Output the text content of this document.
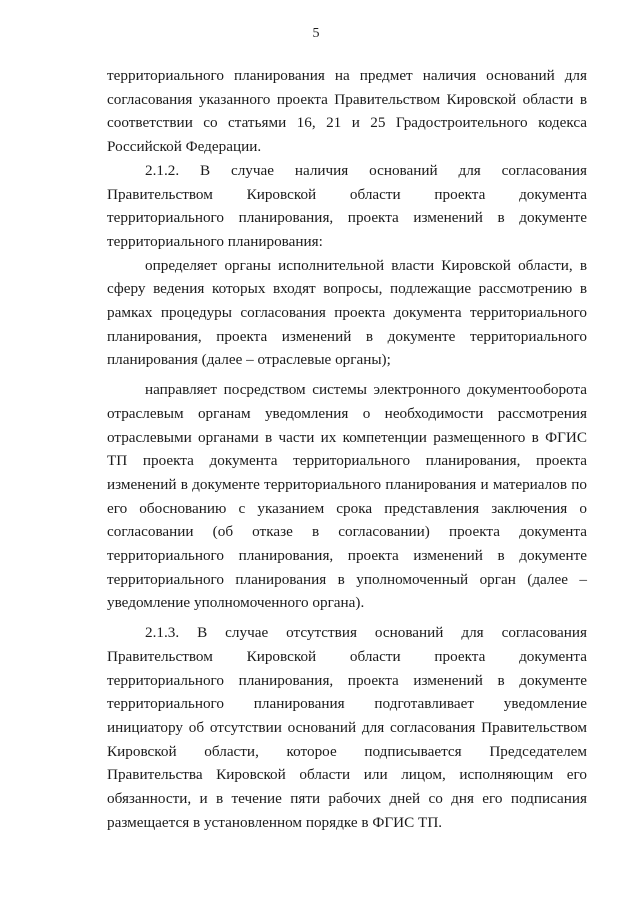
5

территориального планирования на предмет наличия оснований для согласования указанного проекта Правительством Кировской области в соответствии со статьями 16, 21 и 25 Градостроительного кодекса Российской Федерации.

2.1.2. В случае наличия оснований для согласования Правительством Кировской области проекта документа территориального планирования, проекта изменений в документе территориального планирования:

определяет органы исполнительной власти Кировской области, в сферу ведения которых входят вопросы, подлежащие рассмотрению в рамках процедуры согласования проекта документа территориального планирования, проекта изменений в документе территориального планирования (далее – отраслевые органы);

направляет посредством системы электронного документооборота отраслевым органам уведомления о необходимости рассмотрения отраслевыми органами в части их компетенции размещенного в ФГИС ТП проекта документа территориального планирования, проекта изменений в документе территориального планирования и материалов по его обоснованию с указанием срока представления заключения о согласовании (об отказе в согласовании) проекта документа территориального планирования, проекта изменений в документе территориального планирования в уполномоченный орган (далее – уведомление уполномоченного органа).

2.1.3. В случае отсутствия оснований для согласования Правительством Кировской области проекта документа территориального планирования, проекта изменений в документе территориального планирования подготавливает уведомление инициатору об отсутствии оснований для согласования Правительством Кировской области, которое подписывается Председателем Правительства Кировской области или лицом, исполняющим его обязанности, и в течение пяти рабочих дней со дня его подписания размещается в установленном порядке в ФГИС ТП.
